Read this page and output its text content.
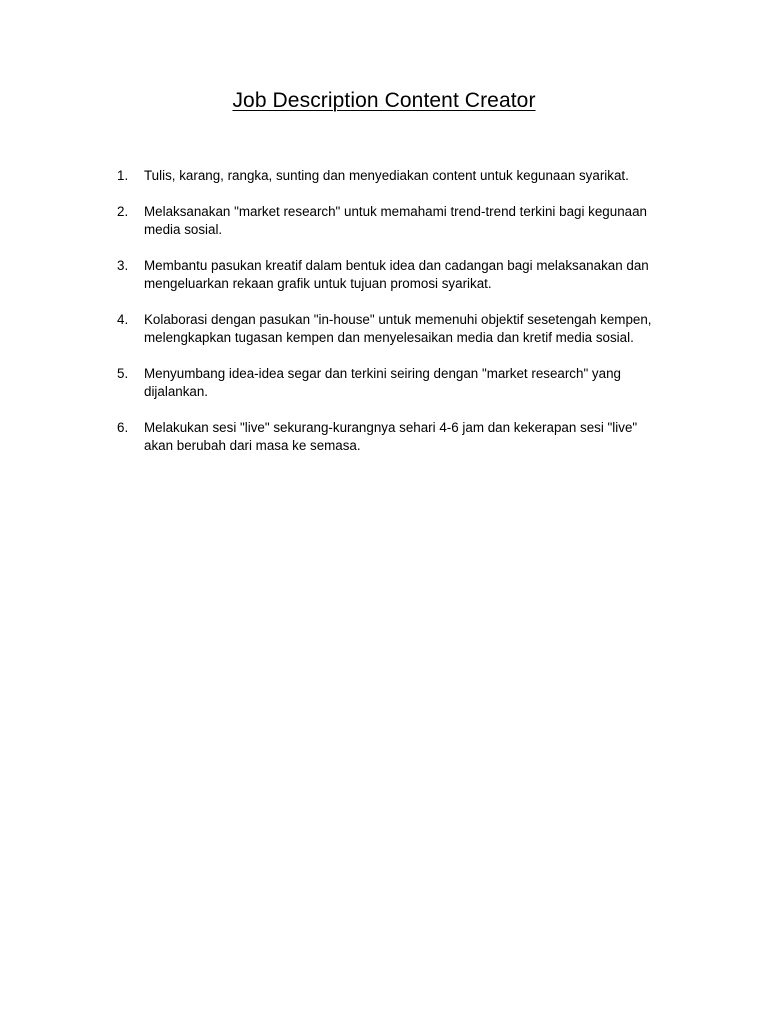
Job Description Content Creator
1.	Tulis, karang, rangka, sunting dan menyediakan content untuk kegunaan syarikat.
2.	Melaksanakan "market research" untuk memahami trend-trend terkini bagi kegunaan media sosial.
3.	Membantu pasukan kreatif dalam bentuk idea dan cadangan bagi melaksanakan dan mengeluarkan rekaan grafik untuk tujuan promosi syarikat.
4.	Kolaborasi dengan pasukan "in-house" untuk memenuhi objektif sesetengah kempen, melengkapkan tugasan kempen dan menyelesaikan media dan kretif media sosial.
5.	Menyumbang idea-idea segar dan terkini seiring dengan "market research" yang dijalankan.
6.	Melakukan sesi "live" sekurang-kurangnya sehari 4-6 jam dan kekerapan sesi "live" akan berubah dari masa ke semasa.
